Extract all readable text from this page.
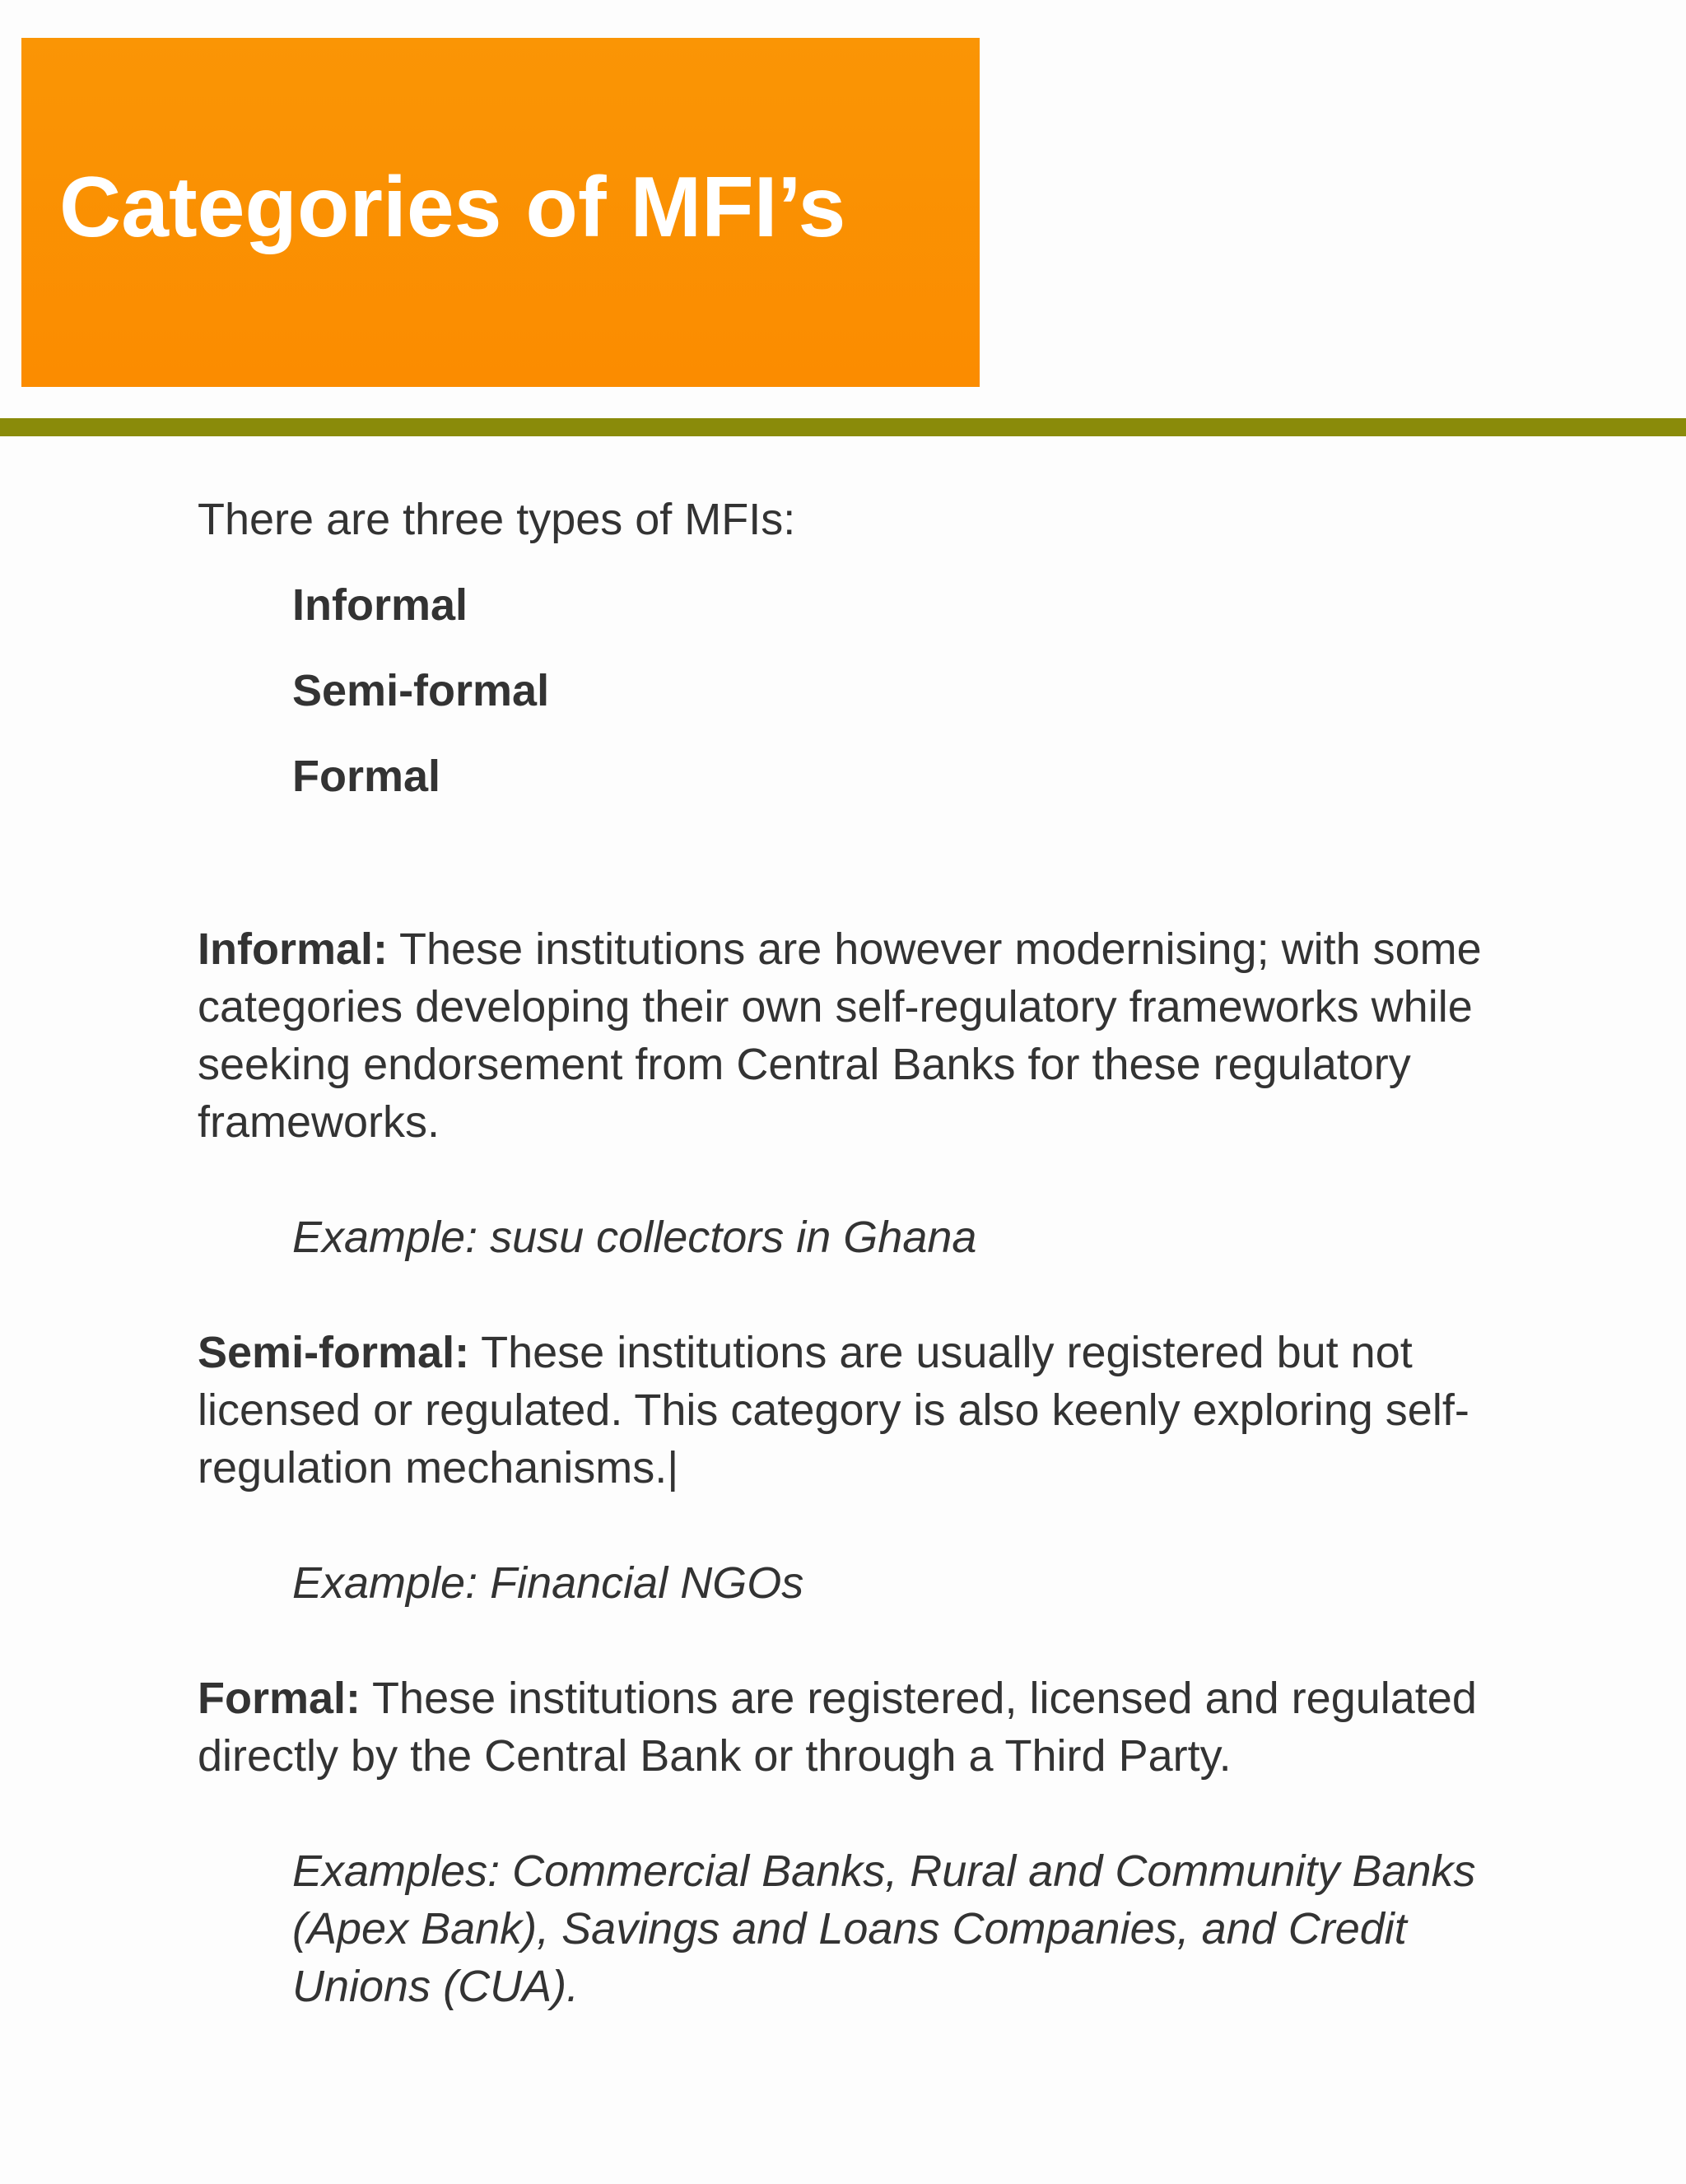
Categories of MFI’s

There are three types of MFIs:

Informal
Semi-formal
Formal

Informal: These institutions are however modernising; with some categories developing their own self-regulatory frameworks while seeking endorsement from Central Banks for these regulatory frameworks.

Example: susu collectors in Ghana

Semi-formal: These institutions are usually registered but not licensed or regulated. This category is also keenly exploring self-regulation mechanisms.|

Example: Financial NGOs

Formal: These institutions are registered, licensed and regulated directly by the Central Bank or through a Third Party.

Examples: Commercial Banks, Rural and Community Banks (Apex Bank), Savings and Loans Companies, and Credit Unions (CUA).
